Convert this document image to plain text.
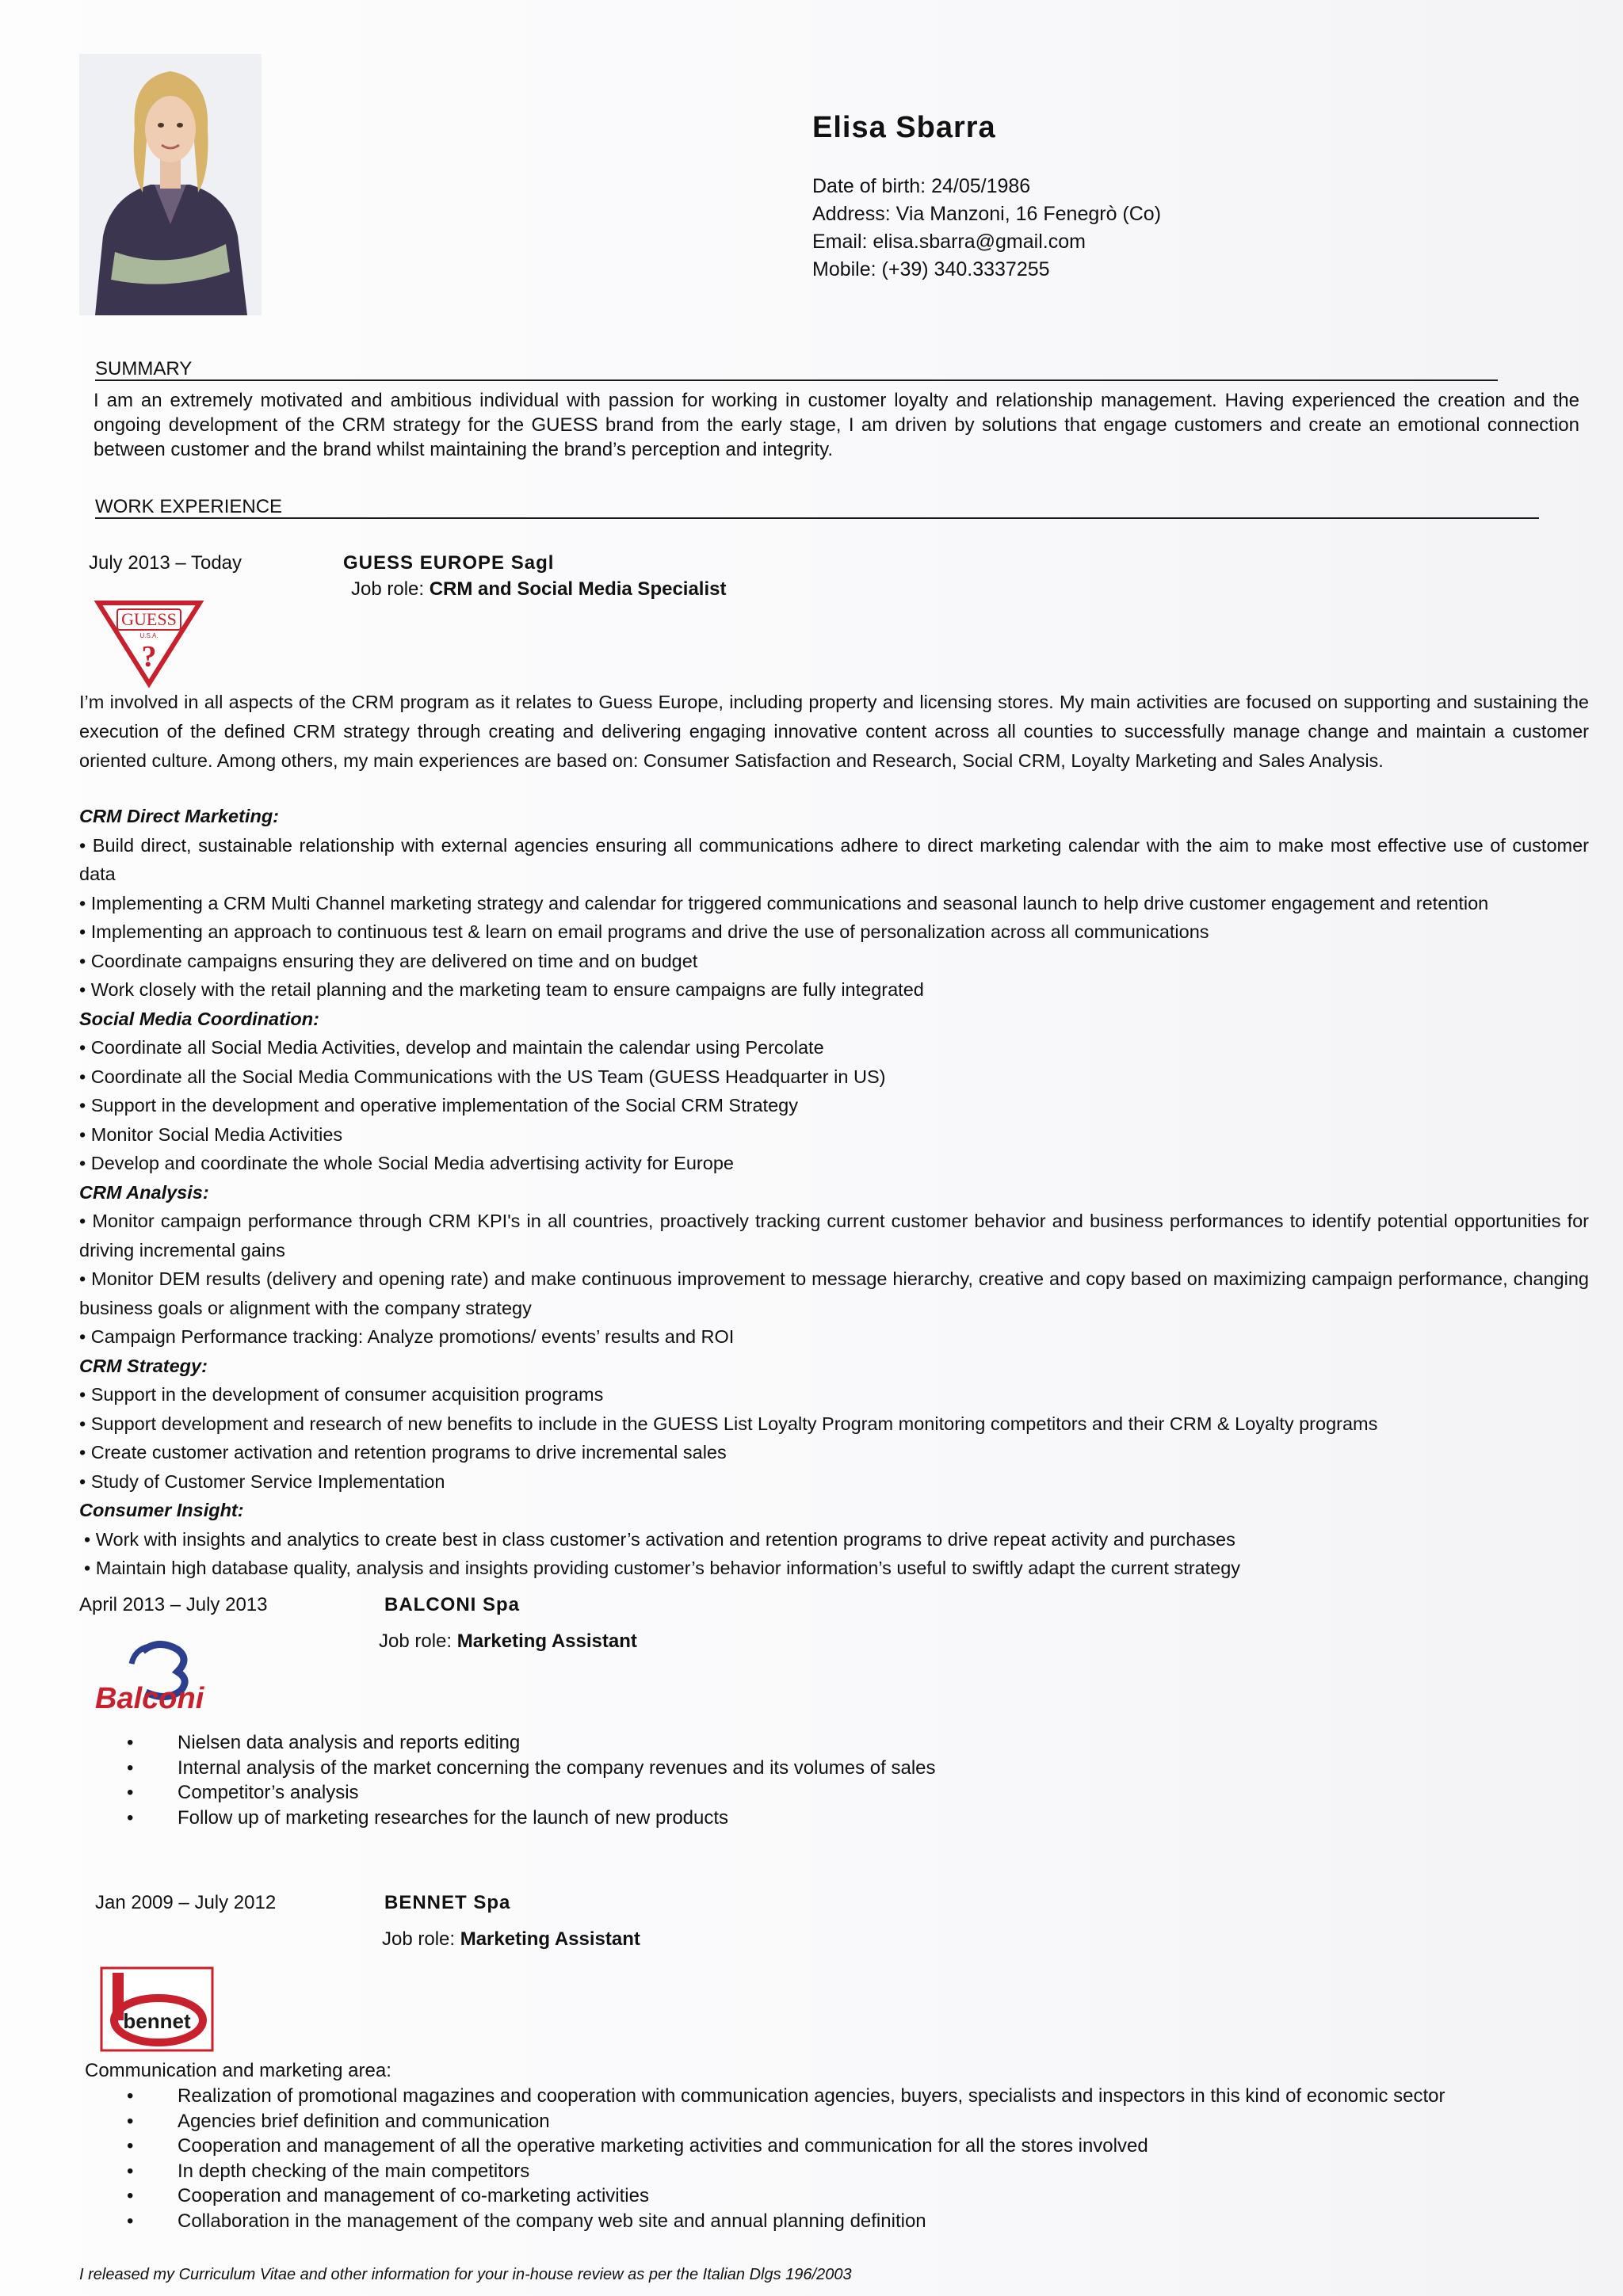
Elisa Sbarra
Date of birth: 24/05/1986
Address: Via Manzoni, 16 Fenegrò (Co)
Email: elisa.sbarra@gmail.com
Mobile: (+39) 340.3337255
SUMMARY
I am an extremely motivated and ambitious individual with passion for working in customer loyalty and relationship management. Having experienced the creation and the ongoing development of the CRM strategy for the GUESS brand from the early stage, I am driven by solutions that engage customers and create an emotional connection between customer and the brand whilst maintaining the brand’s perception and integrity.
WORK EXPERIENCE
July 2013 – Today	GUESS EUROPE Sagl
Job role: CRM and Social Media Specialist
GUESS
U.S.A.
?
I’m involved in all aspects of the CRM program as it relates to Guess Europe, including property and licensing stores. My main activities are focused on supporting and sustaining the execution of the defined CRM strategy through creating and delivering engaging innovative content across all counties to successfully manage change and maintain a customer oriented culture. Among others, my main experiences are based on: Consumer Satisfaction and Research, Social CRM, Loyalty Marketing and Sales Analysis.
CRM Direct Marketing:
• Build direct, sustainable relationship with external agencies ensuring all communications adhere to direct marketing calendar with the aim to make most effective use of customer data
• Implementing a CRM Multi Channel marketing strategy and calendar for triggered communications and seasonal launch to help drive customer engagement and retention
• Implementing an approach to continuous test & learn on email programs and drive the use of personalization across all communications
• Coordinate campaigns ensuring they are delivered on time and on budget
• Work closely with the retail planning and the marketing team to ensure campaigns are fully integrated
Social Media Coordination:
• Coordinate all Social Media Activities, develop and maintain the calendar using Percolate
• Coordinate all the Social Media Communications with the US Team (GUESS Headquarter in US)
• Support in the development and operative implementation of the Social CRM Strategy
• Monitor Social Media Activities
• Develop and coordinate the whole Social Media advertising activity for Europe
CRM Analysis:
• Monitor campaign performance through CRM KPI's in all countries, proactively tracking current customer behavior and business performances to identify potential opportunities for driving incremental gains
• Monitor DEM results (delivery and opening rate) and make continuous improvement to message hierarchy, creative and copy based on maximizing campaign performance, changing business goals or alignment with the company strategy
• Campaign Performance tracking: Analyze promotions/ events’ results and ROI
CRM Strategy:
• Support in the development of consumer acquisition programs
• Support development and research of new benefits to include in the GUESS List Loyalty Program monitoring competitors and their CRM & Loyalty programs
• Create customer activation and retention programs to drive incremental sales
• Study of Customer Service Implementation
Consumer Insight:
• Work with insights and analytics to create best in class customer’s activation and retention programs to drive repeat activity and purchases
• Maintain high database quality, analysis and insights providing customer’s behavior information’s useful to swiftly adapt the current strategy
April 2013 – July 2013	BALCONI Spa
Job role: Marketing Assistant
Balconi
•	Nielsen data analysis and reports editing
•	Internal analysis of the market concerning the company revenues and its volumes of sales
•	Competitor’s analysis
•	Follow up of marketing researches for the launch of new products
Jan 2009 – July 2012	BENNET Spa
Job role: Marketing Assistant
bennet
Communication and marketing area:
•	Realization of promotional magazines and cooperation with communication agencies, buyers, specialists and inspectors in this kind of economic sector
•	Agencies brief definition and communication
•	Cooperation and management of all the operative marketing activities and communication for all the stores involved
•	In depth checking of the main competitors
•	Cooperation and management of co-marketing activities
•	Collaboration in the management of the company web site and annual planning definition
I released my Curriculum Vitae and other information for your in-house review as per the Italian Dlgs 196/2003
